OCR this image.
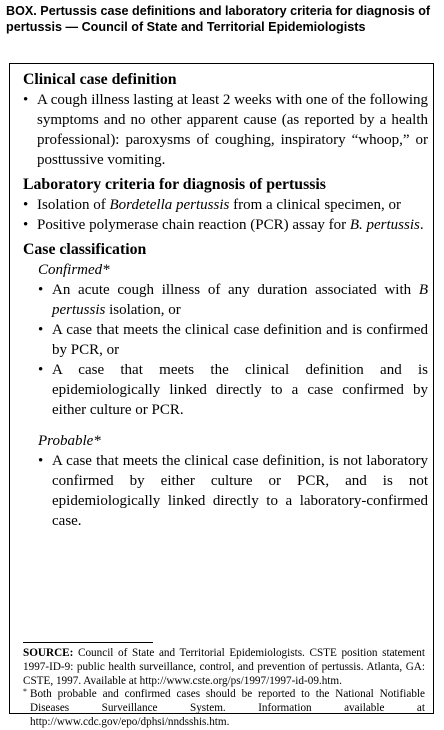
BOX. Pertussis case definitions and laboratory criteria for diagnosis of pertussis — Council of State and Territorial Epidemiologists

Clinical case definition

• A cough illness lasting at least 2 weeks with one of the following symptoms and no other apparent cause (as reported by a health professional): paroxysms of coughing, inspiratory “whoop,” or posttussive vomiting.

Laboratory criteria for diagnosis of pertussis

• Isolation of Bordetella pertussis from a clinical specimen, or
• Positive polymerase chain reaction (PCR) assay for B. pertussis.

Case classification

Confirmed*

• An acute cough illness of any duration associated with B pertussis isolation, or
• A case that meets the clinical case definition and is confirmed by PCR, or
• A case that meets the clinical definition and is epidemiologically linked directly to a case confirmed by either culture or PCR.

Probable*

• A case that meets the clinical case definition, is not laboratory confirmed by either culture or PCR, and is not epidemiologically linked directly to a laboratory-confirmed case.

SOURCE: Council of State and Territorial Epidemiologists. CSTE position statement 1997-ID-9: public health surveillance, control, and prevention of pertussis. Atlanta, GA: CSTE, 1997. Available at http://www.cste.org/ps/1997/1997-id-09.htm.

* Both probable and confirmed cases should be reported to the National Notifiable Diseases Surveillance System. Information available at http://www.cdc.gov/epo/dphsi/nndsshis.htm.
